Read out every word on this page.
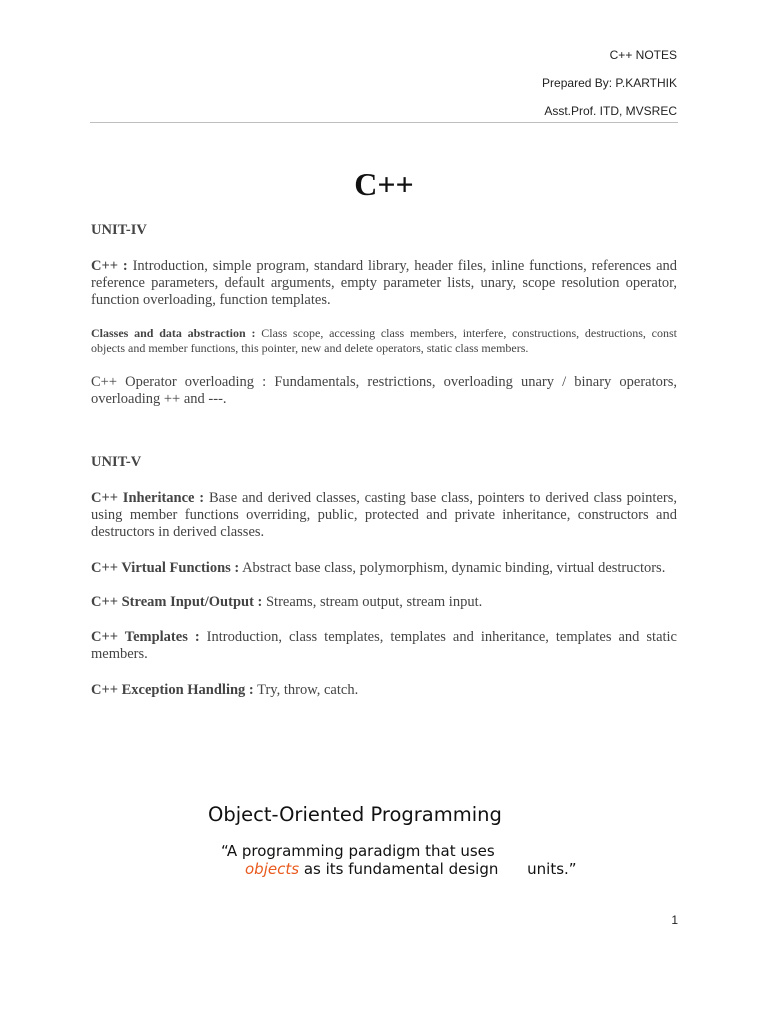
C++ NOTES
Prepared By: P.KARTHIK
Asst.Prof. ITD, MVSREC
C++
UNIT-IV
C++ : Introduction, simple program, standard library, header files, inline functions, references and reference parameters, default arguments, empty parameter lists, unary, scope resolution operator, function overloading, function templates.
Classes and data abstraction : Class scope, accessing class members, interfere, constructions, destructions, const objects and member functions, this pointer, new and delete operators, static class members.
C++ Operator overloading : Fundamentals, restrictions, overloading unary / binary operators, overloading ++ and ---.
UNIT-V
C++ Inheritance : Base and derived classes, casting base class, pointers to derived class pointers, using member functions overriding, public, protected and private inheritance, constructors and destructors in derived classes.
C++ Virtual Functions : Abstract base class, polymorphism, dynamic binding, virtual destructors.
C++ Stream Input/Output : Streams, stream output, stream input.
C++ Templates : Introduction, class templates, templates and inheritance, templates and static members.
C++ Exception Handling : Try, throw, catch.
Object-Oriented Programming
“A programming paradigm that uses
objects as its fundamental design units.”
1
